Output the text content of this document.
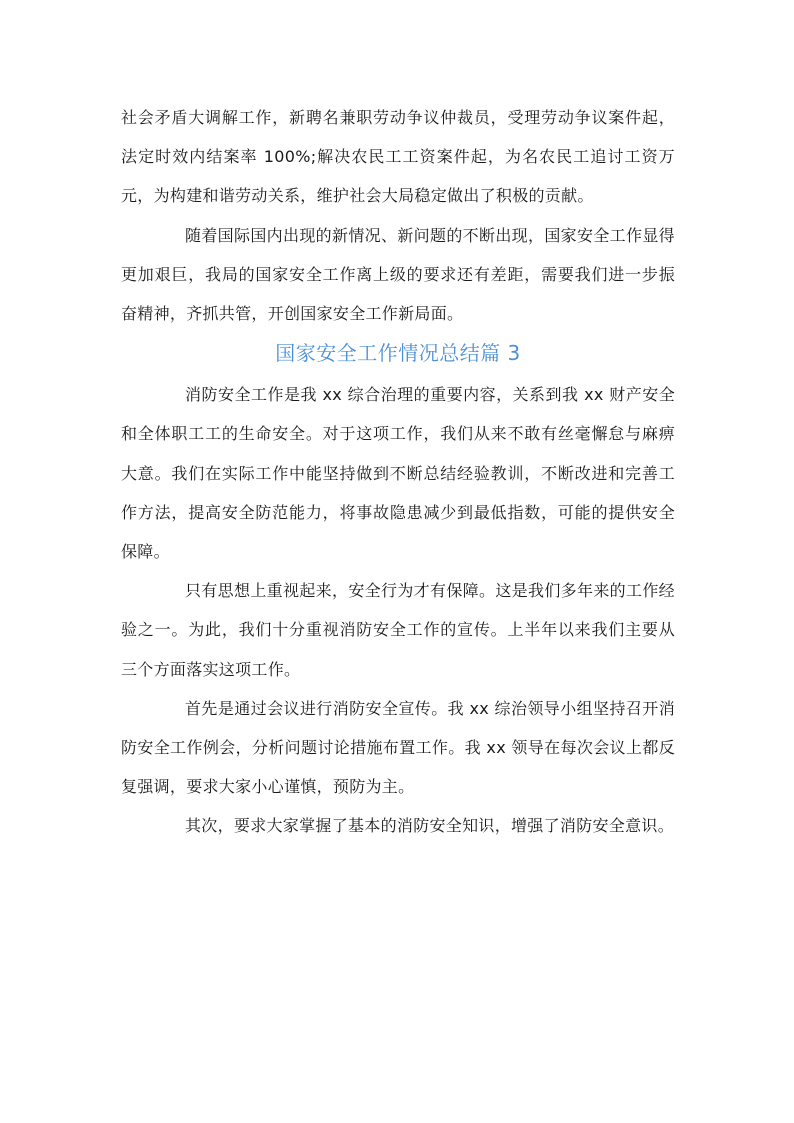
社会矛盾大调解工作，新聘名兼职劳动争议仲裁员，受理劳动争议案件起，法定时效内结案率 100%;解决农民工工资案件起，为名农民工追讨工资万元，为构建和谐劳动关系，维护社会大局稳定做出了积极的贡献。

随着国际国内出现的新情况、新问题的不断出现，国家安全工作显得更加艰巨，我局的国家安全工作离上级的要求还有差距，需要我们进一步振奋精神，齐抓共管，开创国家安全工作新局面。

国家安全工作情况总结篇 3

消防安全工作是我 xx 综合治理的重要内容，关系到我 xx 财产安全和全体职工工的生命安全。对于这项工作，我们从来不敢有丝毫懈怠与麻痹大意。我们在实际工作中能坚持做到不断总结经验教训，不断改进和完善工作方法，提高安全防范能力，将事故隐患减少到最低指数，可能的提供安全保障。

只有思想上重视起来，安全行为才有保障。这是我们多年来的工作经验之一。为此，我们十分重视消防安全工作的宣传。上半年以来我们主要从三个方面落实这项工作。

首先是通过会议进行消防安全宣传。我 xx 综治领导小组坚持召开消防安全工作例会，分析问题讨论措施布置工作。我 xx 领导在每次会议上都反复强调，要求大家小心谨慎，预防为主。

其次，要求大家掌握了基本的消防安全知识，增强了消防安全意识。
